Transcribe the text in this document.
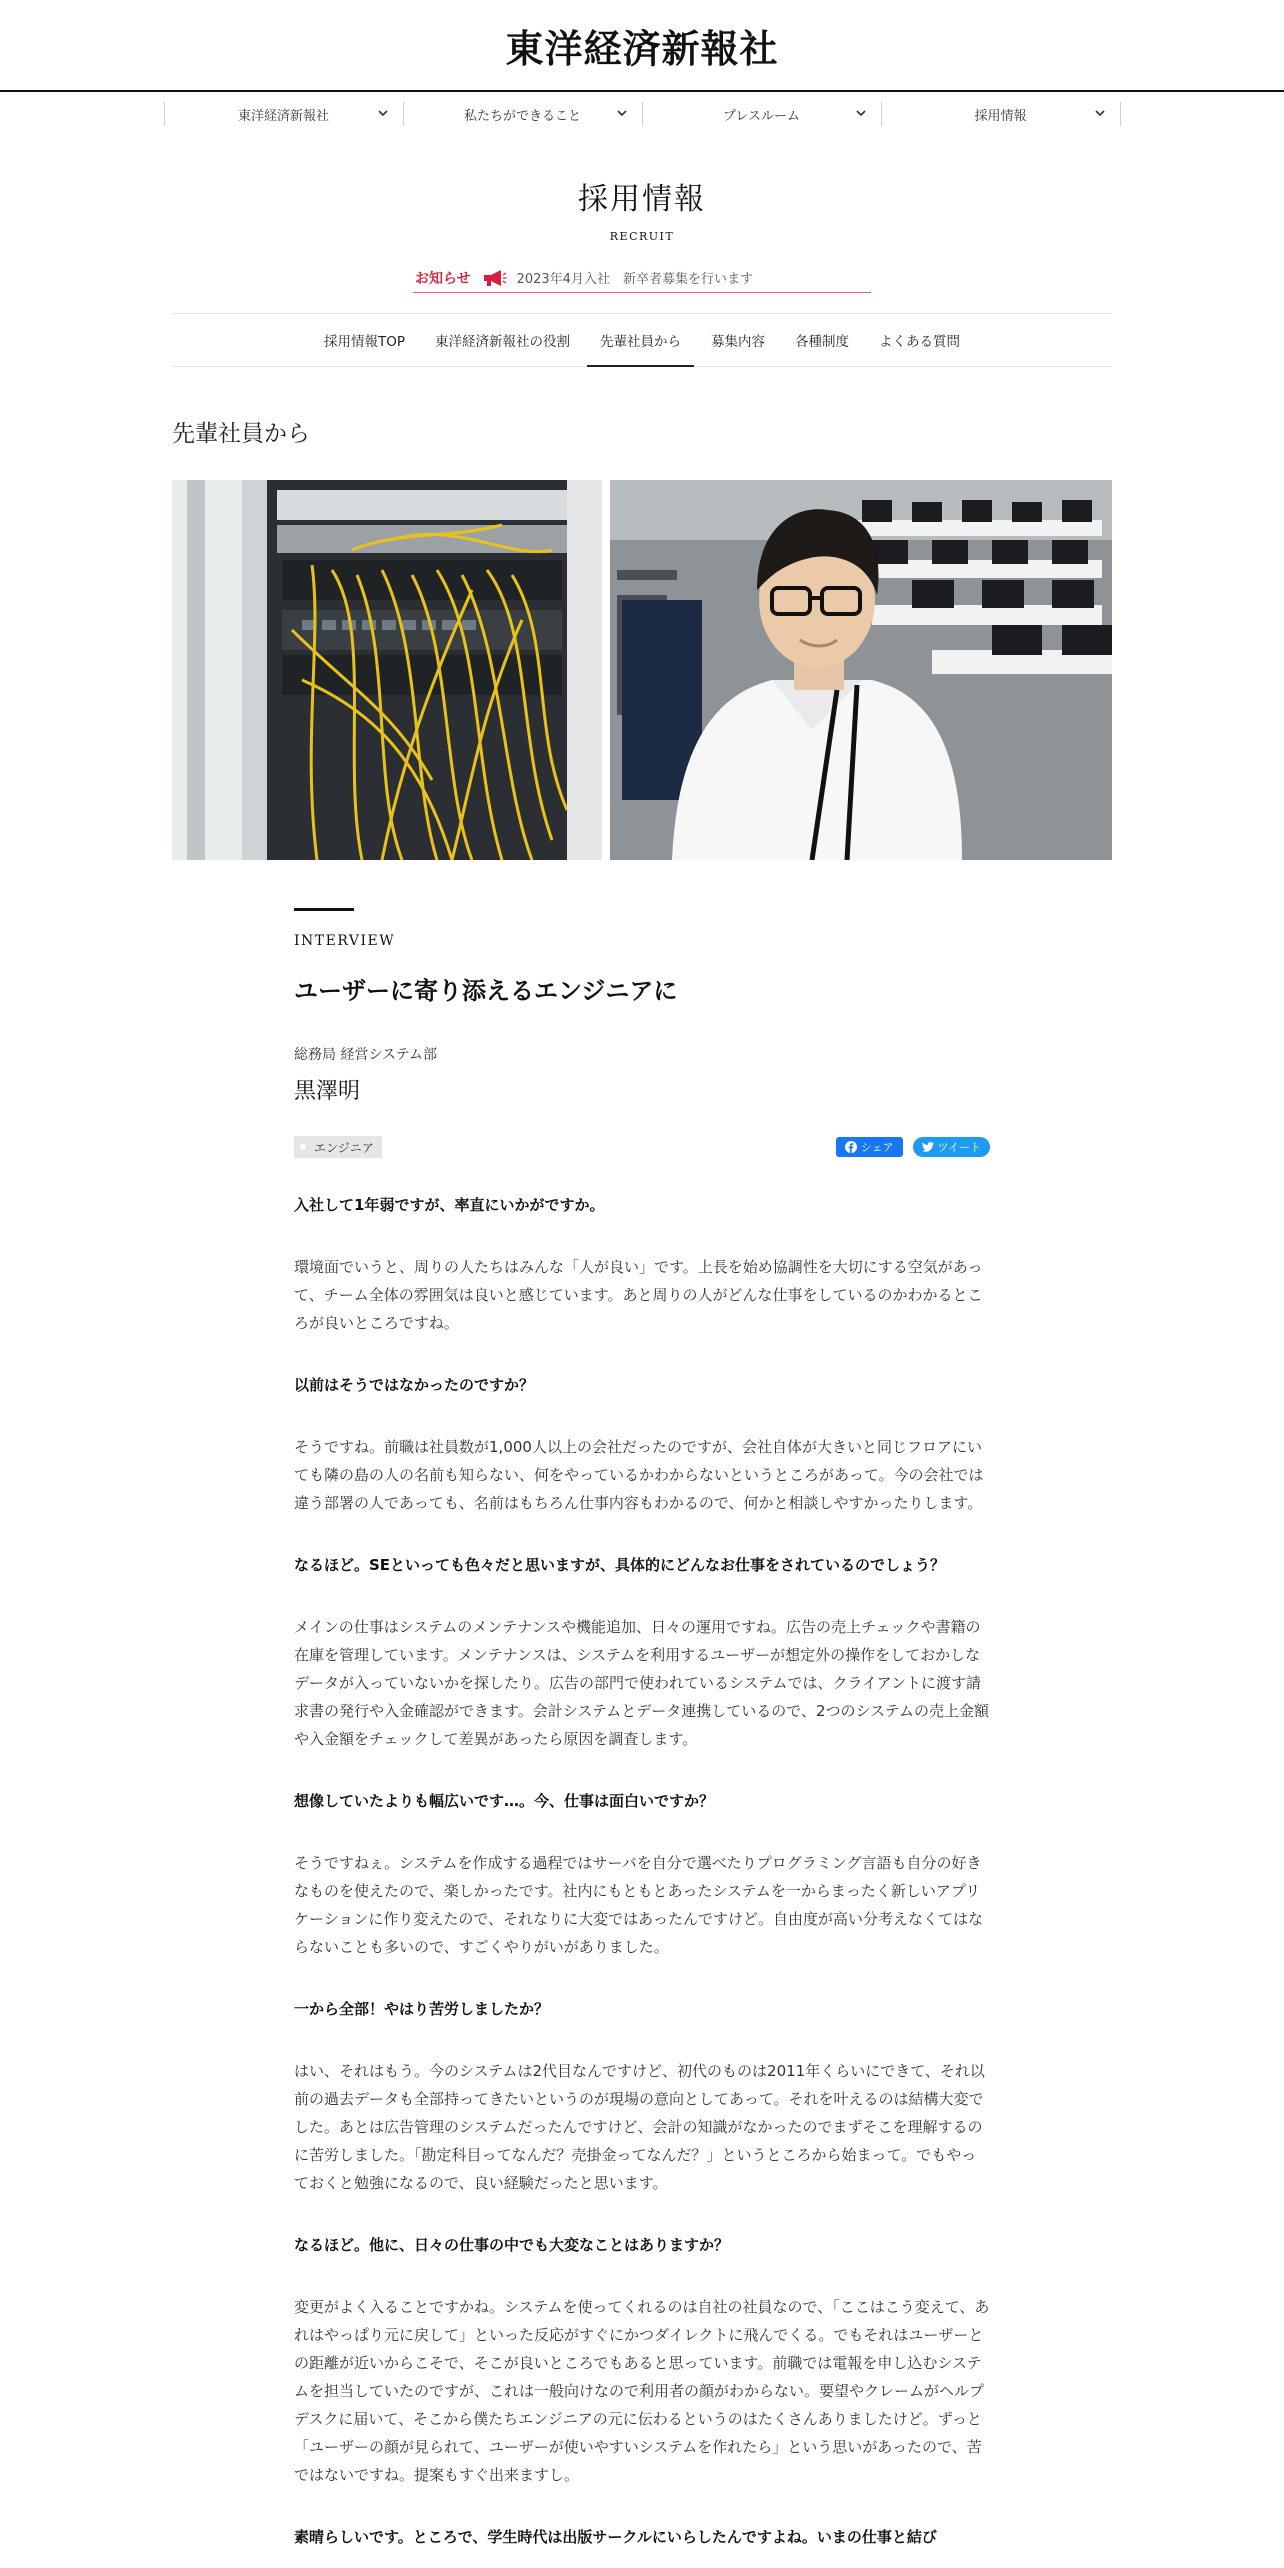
東洋経済新報社
東洋経済新報社	私たちができること	プレスルーム	採用情報
採用情報
RECRUIT
お知らせ	2023年4月入社　新卒者募集を行います
採用情報TOP	東洋経済新報社の役割	先輩社員から	募集内容	各種制度	よくある質問
先輩社員から
INTERVIEW
ユーザーに寄り添えるエンジニアに
総務局 経営システム部
黒澤明
エンジニア	シェア	ツイート

入社して1年弱ですが、率直にいかがですか。

環境面でいうと、周りの人たちはみんな「人が良い」です。上長を始め協調性を大切にする空気があって、チーム全体の雰囲気は良いと感じています。あと周りの人がどんな仕事をしているのかわかるところが良いところですね。

以前はそうではなかったのですか？

そうですね。前職は社員数が1,000人以上の会社だったのですが、会社自体が大きいと同じフロアにいても隣の島の人の名前も知らない、何をやっているかわからないというところがあって。今の会社では違う部署の人であっても、名前はもちろん仕事内容もわかるので、何かと相談しやすかったりします。

なるほど。SEといっても色々だと思いますが、具体的にどんなお仕事をされているのでしょう？

メインの仕事はシステムのメンテナンスや機能追加、日々の運用ですね。広告の売上チェックや書籍の在庫を管理しています。メンテナンスは、システムを利用するユーザーが想定外の操作をしておかしなデータが入っていないかを探したり。広告の部門で使われているシステムでは、クライアントに渡す請求書の発行や入金確認ができます。会計システムとデータ連携しているので、2つのシステムの売上金額や入金額をチェックして差異があったら原因を調査します。

想像していたよりも幅広いです…。今、仕事は面白いですか？

そうですねぇ。システムを作成する過程ではサーバを自分で選べたりプログラミング言語も自分の好きなものを使えたので、楽しかったです。社内にもともとあったシステムを一からまったく新しいアプリケーションに作り変えたので、それなりに大変ではあったんですけど。自由度が高い分考えなくてはならないことも多いので、すごくやりがいがありました。

一から全部！やはり苦労しましたか？

はい、それはもう。今のシステムは2代目なんですけど、初代のものは2011年くらいにできて、それ以前の過去データも全部持ってきたいというのが現場の意向としてあって。それを叶えるのは結構大変でした。あとは広告管理のシステムだったんですけど、会計の知識がなかったのでまずそこを理解するのに苦労しました。「勘定科目ってなんだ？売掛金ってなんだ？」というところから始まって。でもやっておくと勉強になるので、良い経験だったと思います。

なるほど。他に、日々の仕事の中でも大変なことはありますか？

変更がよく入ることですかね。システムを使ってくれるのは自社の社員なので、「ここはこう変えて、あれはやっぱり元に戻して」といった反応がすぐにかつダイレクトに飛んでくる。でもそれはユーザーとの距離が近いからこそで、そこが良いところでもあると思っています。前職では電報を申し込むシステムを担当していたのですが、これは一般向けなので利用者の顔がわからない。要望やクレームがヘルプデスクに届いて、そこから僕たちエンジニアの元に伝わるというのはたくさんありましたけど。ずっと「ユーザーの顔が見られて、ユーザーが使いやすいシステムを作れたら」という思いがあったので、苦ではないですね。提案もすぐ出来ますし。

素晴らしいです。ところで、学生時代は出版サークルにいらしたんですよね。いまの仕事と結び
